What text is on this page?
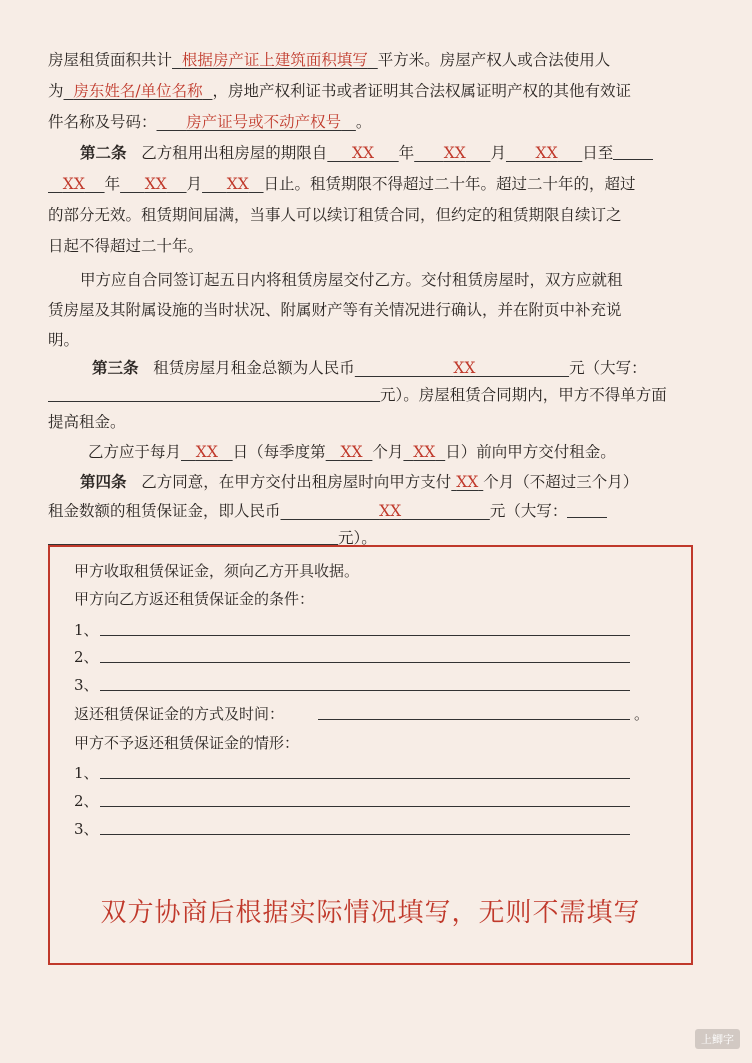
房屋租赁面积共计 根据房产证上建筑面积填写 平方米。房屋产权人或合法使用人
为 房东姓名/单位名称 ，房地产权利证书或者证明其合法权属证明产权的其他有效证
件名称及号码： 房产证号或不动产权号 。
第二条 乙方租用出租房屋的期限自 XX 年 XX 月 XX 日至
XX 年 XX 月 XX 日止。租赁期限不得超过二十年。超过二十年的，超过
的部分无效。租赁期间届满，当事人可以续订租赁合同，但约定的租赁期限自续订之
日起不得超过二十年。
甲方应自合同签订起五日内将租赁房屋交付乙方。交付租赁房屋时，双方应就租
赁房屋及其附属设施的当时状况、附属财产等有关情况进行确认，并在附页中补充说
明。
第三条 租赁房屋月租金总额为人民币	XX	元（大写：
元）。房屋租赁合同期内，甲方不得单方面
提高租金。
乙方应于每月 XX 日（每季度第 XX 个月 XX 日）前向甲方交付租金。
第四条 乙方同意，在甲方交付出租房屋时向甲方支付 XX 个月（不超过三个月）
租金数额的租赁保证金，即人民币	XX	元（大写：
元）。
甲方收取租赁保证金，须向乙方开具收据。
甲方向乙方返还租赁保证金的条件：
1、
2、
3、
返还租赁保证金的方式及时间：	。
甲方不予返还租赁保证金的情形：
1、
2、
3、
双方协商后根据实际情况填写，无则不需填写
上鲫字
